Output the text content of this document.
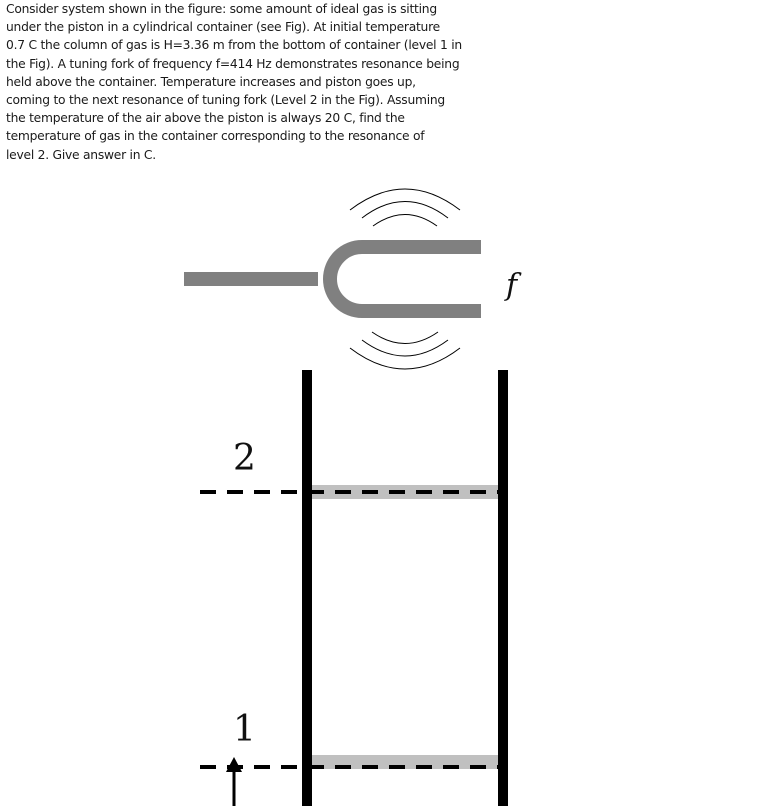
Consider system shown in the figure: some amount of ideal gas is sitting
under the piston in a cylindrical container (see Fig). At initial temperature
0.7 C the column of gas is H=3.36 m from the bottom of container (level 1 in
the Fig). A tuning fork of frequency f=414 Hz demonstrates resonance being
held above the container. Temperature increases and piston goes up,
coming to the next resonance of tuning fork (Level 2 in the Fig). Assuming
the temperature of the air above the piston is always 20 C, find the
temperature of gas in the container corresponding to the resonance of
level 2. Give answer in C.
f
2
1
